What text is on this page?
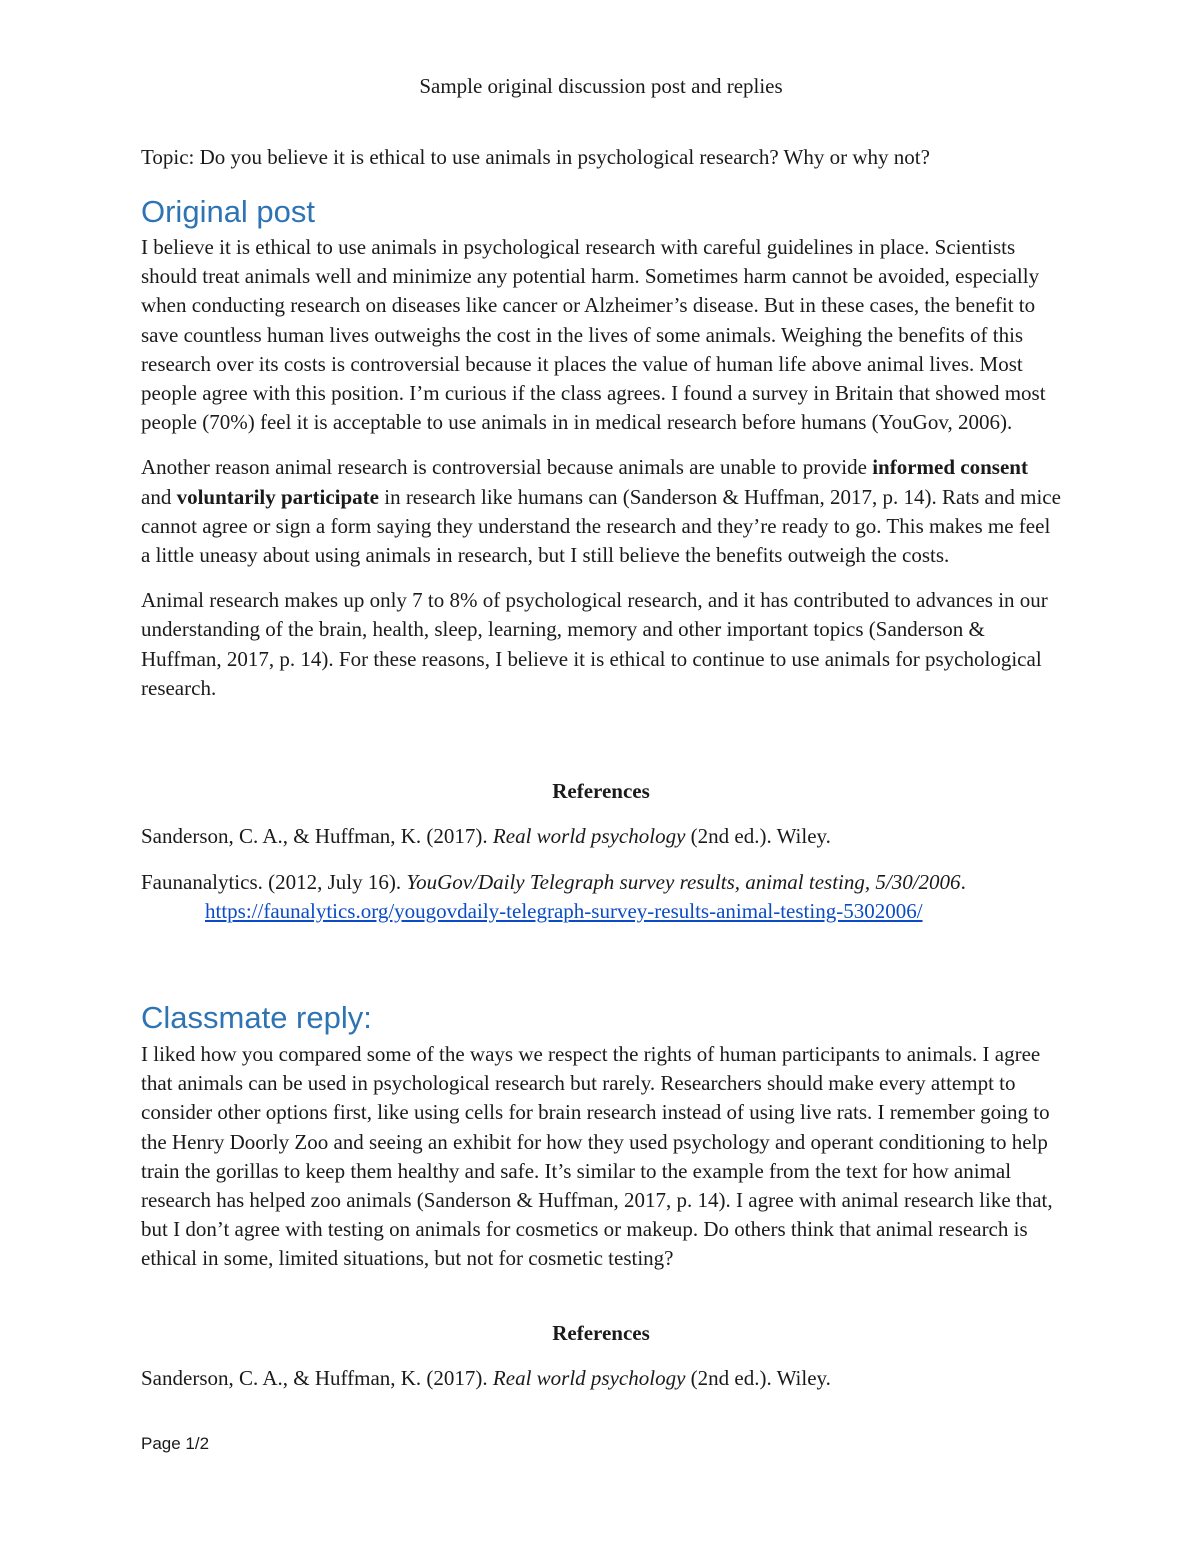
Sample original discussion post and replies
Topic: Do you believe it is ethical to use animals in psychological research? Why or why not?
Original post

I believe it is ethical to use animals in psychological research with careful guidelines in place. Scientists should treat animals well and minimize any potential harm. Sometimes harm cannot be avoided, especially when conducting research on diseases like cancer or Alzheimer’s disease. But in these cases, the benefit to save countless human lives outweighs the cost in the lives of some animals. Weighing the benefits of this research over its costs is controversial because it places the value of human life above animal lives. Most people agree with this position. I’m curious if the class agrees. I found a survey in Britain that showed most people (70%) feel it is acceptable to use animals in in medical research before humans (YouGov, 2006).

Another reason animal research is controversial because animals are unable to provide informed consent and voluntarily participate in research like humans can (Sanderson & Huffman, 2017, p. 14). Rats and mice cannot agree or sign a form saying they understand the research and they’re ready to go. This makes me feel a little uneasy about using animals in research, but I still believe the benefits outweigh the costs.

Animal research makes up only 7 to 8% of psychological research, and it has contributed to advances in our understanding of the brain, health, sleep, learning, memory and other important topics (Sanderson & Huffman, 2017, p. 14). For these reasons, I believe it is ethical to continue to use animals for psychological research.

References
Sanderson, C. A., & Huffman, K. (2017). Real world psychology (2nd ed.). Wiley.
Faunanalytics. (2012, July 16). YouGov/Daily Telegraph survey results, animal testing, 5/30/2006. https://faunalytics.org/yougovdaily-telegraph-survey-results-animal-testing-5302006/
Classmate reply:

I liked how you compared some of the ways we respect the rights of human participants to animals. I agree that animals can be used in psychological research but rarely. Researchers should make every attempt to consider other options first, like using cells for brain research instead of using live rats. I remember going to the Henry Doorly Zoo and seeing an exhibit for how they used psychology and operant conditioning to help train the gorillas to keep them healthy and safe. It’s similar to the example from the text for how animal research has helped zoo animals (Sanderson & Huffman, 2017, p. 14). I agree with animal research like that, but I don’t agree with testing on animals for cosmetics or makeup. Do others think that animal research is ethical in some, limited situations, but not for cosmetic testing?

References
Sanderson, C. A., & Huffman, K. (2017). Real world psychology (2nd ed.). Wiley.
Page 1/2
